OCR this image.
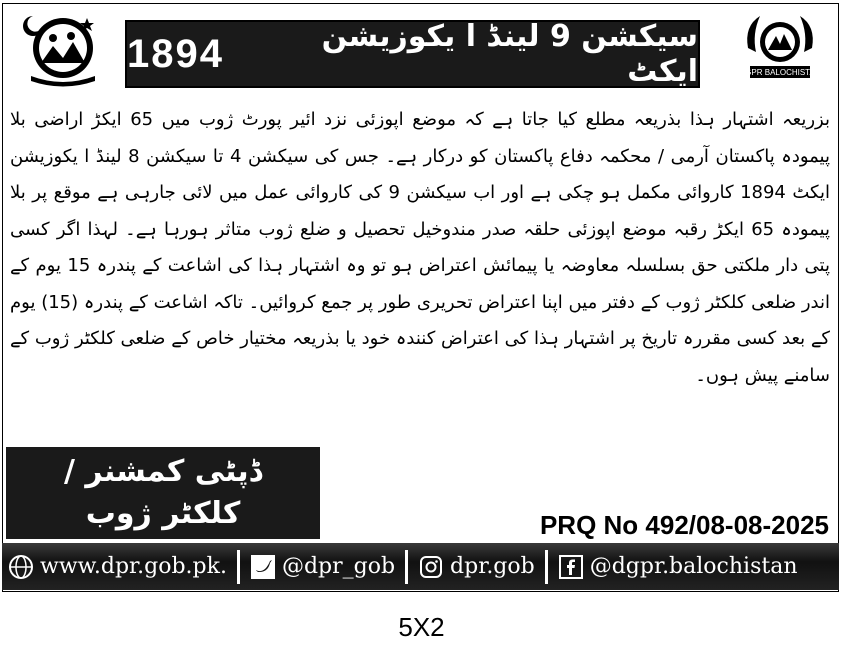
1894	سیکشن 9 لینڈ ا یکوزیشن ایکٹ	DGPR BALOCHISTAN
بزریعہ اشتہار ہذا بذریعہ مطلع کیا جاتا ہے کہ موضع اپوزئی نزد ائیر پورٹ ژوب میں 65 ایکڑ اراضی بلا پیمودہ پاکستان آرمی / محکمہ دفاع پاکستان کو درکار ہے۔ جس کی سیکشن 4 تا سیکشن 8 لینڈ ا یکوزیشن ایکٹ 1894 کاروائی مکمل ہو چکی ہے اور اب سیکشن 9 کی کاروائی عمل میں لائی جارہی ہے موقع پر بلا پیمودہ 65 ایکڑ رقبہ موضع اپوزئی حلقہ صدر مندوخیل تحصیل و ضلع ژوب متاثر ہورہا ہے۔ لہذا اگر کسی پتی دار ملکتی حق بسلسلہ معاوضہ یا پیمائش اعتراض ہو تو وہ اشتہار ہذا کی اشاعت کے پندرہ 15 یوم کے اندر ضلعی کلکٹر ژوب کے دفتر میں اپنا اعتراض تحریری طور پر جمع کروائیں۔ تاکہ اشاعت کے پندرہ (15) یوم کے بعد کسی مقررہ تاریخ پر اشتہار ہذا کی اعتراض کنندہ خود یا بذریعہ مختیار خاص کے ضلعی کلکٹر ژوب کے سامنے پیش ہوں۔
ڈپٹی کمشنر /
کلکٹر ژوب	PRQ No 492/08-08-2025
www.dpr.gob.pk.	@dpr_gob	dpr.gob	@dgpr.balochistan
5X2
